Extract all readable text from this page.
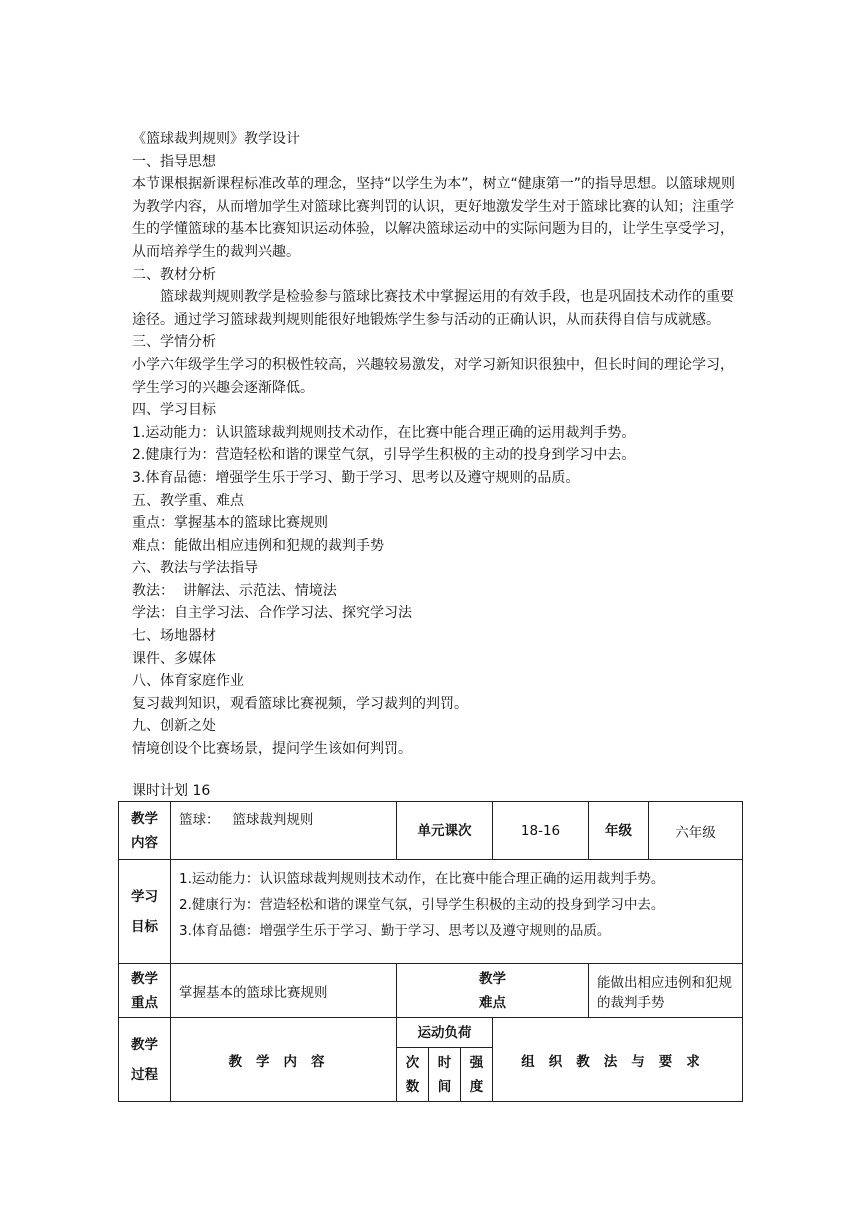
《篮球裁判规则》教学设计

一、指导思想

本节课根据新课程标准改革的理念，坚持“以学生为本”，树立“健康第一”的指导思想。以篮球规则为教学内容，从而增加学生对篮球比赛判罚的认识，更好地激发学生对于篮球比赛的认知；注重学生的学懂篮球的基本比赛知识运动体验，以解决篮球运动中的实际问题为目的，让学生享受学习，从而培养学生的裁判兴趣。

二、教材分析

篮球裁判规则教学是检验参与篮球比赛技术中掌握运用的有效手段，也是巩固技术动作的重要途径。通过学习篮球裁判规则能很好地锻炼学生参与活动的正确认识，从而获得自信与成就感。

三、学情分析

小学六年级学生学习的积极性较高，兴趣较易激发，对学习新知识很独中，但长时间的理论学习，学生学习的兴趣会逐渐降低。

四、学习目标

1.运动能力：认识篮球裁判规则技术动作，在比赛中能合理正确的运用裁判手势。

2.健康行为：营造轻松和谐的课堂气氛，引导学生积极的主动的投身到学习中去。

3.体育品德：增强学生乐于学习、勤于学习、思考以及遵守规则的品质。

五、教学重、难点

重点：掌握基本的篮球比赛规则

难点：能做出相应违例和犯规的裁判手势

六、教法与学法指导

教法：  讲解法、示范法、情境法

学法：自主学习法、合作学习法、探究学习法

七、场地器材

课件、多媒体

八、体育家庭作业

复习裁判知识，观看篮球比赛视频，学习裁判的判罚。

九、创新之处

情境创设个比赛场景，提问学生该如何判罚。

课时计划 16
教学内容	篮球：   篮球裁判规则	单元课次			18-16	年级	六年级

学习目标	1.运动能力：认识篮球裁判规则技术动作，在比赛中能合理正确的运用裁判手势。

2.健康行为：营造轻松和谐的课堂气氛，引导学生积极的主动的投身到学习中去。

3.体育品德：增强学生乐于学习、勤于学习、思考以及遵守规则的品质。						

教学重点	掌握基本的篮球比赛规则	教学难点				能做出相应违例和犯规的裁判手势	

教学过程	教学内容	运动负荷			组织教法与要求		

		次数	时间	强度			
